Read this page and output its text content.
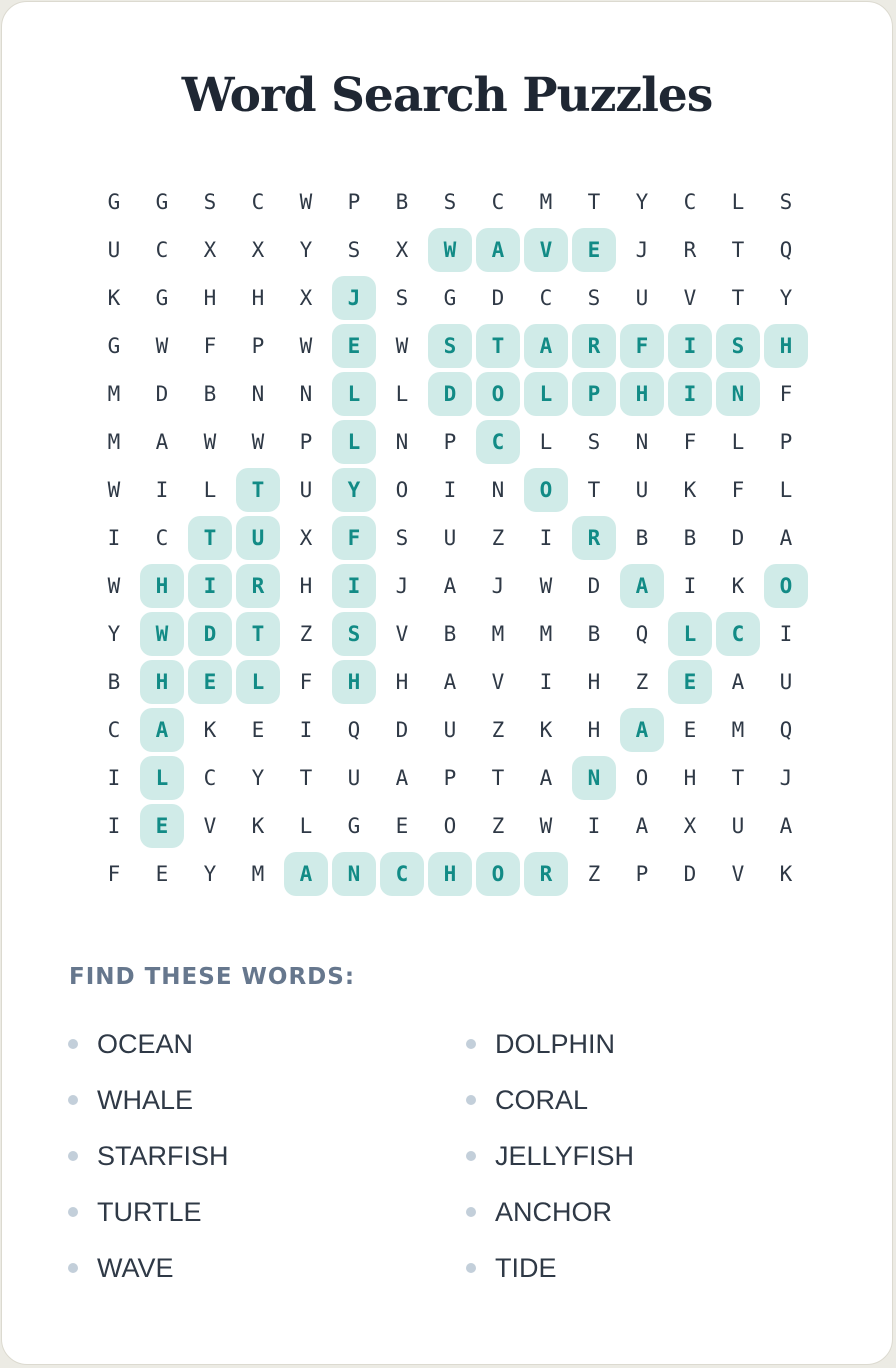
Word Search Puzzles
G	G	S	C	W	P	B	S	C	M	T	Y	C	L	S
U	C	X	X	Y	S	X	W	A	V	E	J	R	T	Q
K	G	H	H	X	J	S	G	D	C	S	U	V	T	Y
G	W	F	P	W	E	W	S	T	A	R	F	I	S	H
M	D	B	N	N	L	L	D	O	L	P	H	I	N	F
M	A	W	W	P	L	N	P	C	L	S	N	F	L	P
W	I	L	T	U	Y	O	I	N	O	T	U	K	F	L
I	C	T	U	X	F	S	U	Z	I	R	B	B	D	A
W	H	I	R	H	I	J	A	J	W	D	A	I	K	O
Y	W	D	T	Z	S	V	B	M	M	B	Q	L	C	I
B	H	E	L	F	H	H	A	V	I	H	Z	E	A	U
C	A	K	E	I	Q	D	U	Z	K	H	A	E	M	Q
I	L	C	Y	T	U	A	P	T	A	N	O	H	T	J
I	E	V	K	L	G	E	O	Z	W	I	A	X	U	A
F	E	Y	M	A	N	C	H	O	R	Z	P	D	V	K
FIND THESE WORDS:
OCEAN	DOLPHIN
WHALE	CORAL
STARFISH	JELLYFISH
TURTLE	ANCHOR
WAVE	TIDE
